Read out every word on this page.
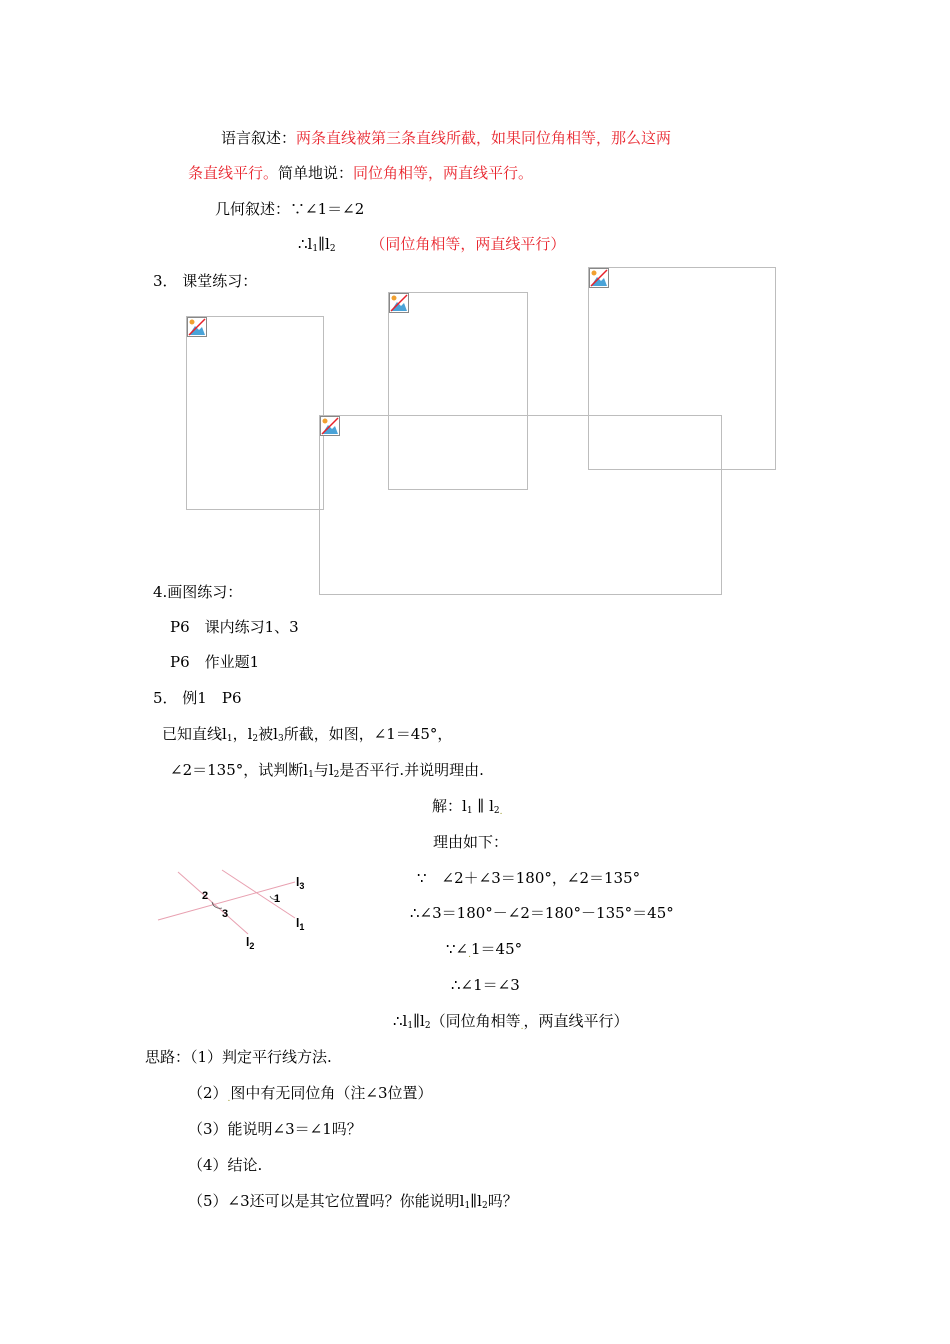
语言叙述：两条直线被第三条直线所截，如果同位角相等，那么这两
条直线平行。简单地说：同位角相等，两直线平行。
几何叙述：∵∠1＝∠2
$\therefore l_1\parallel l_2$ （同位角相等，两直线平行）
3． 课堂练习：
4.画图练习：
P6　课内练习1、3
P6　作业题1
5． 例1　P6
已知直线$l_1$，$l_2$被$l_3$所截，如图，∠1＝45°，
∠2＝135°，试判断$l_1$与$l_2$是否平行.并说明理由.
2
3
1
$l_3$
$l_1$
$l_2$
解：$l_1$ ∥ $l_{2.}$
理由如下：
∵　∠2＋∠3＝180°，∠2＝135°
∴∠3＝180°－∠2＝180°－135°＝45°
$\because\angle_.1=45^\circ$
∴∠1＝∠3
$\therefore l_1\parallel l_2$（同位角相等$_.$，两直线平行）
思路：（1）判定平行线方法.
$(2)_.$图中有无同位角（注∠3位置）
（3）能说明∠3＝∠1吗？
（4）结论.
（5）∠3还可以是其它位置吗？你能说明$l_1\parallel l_2$吗？
